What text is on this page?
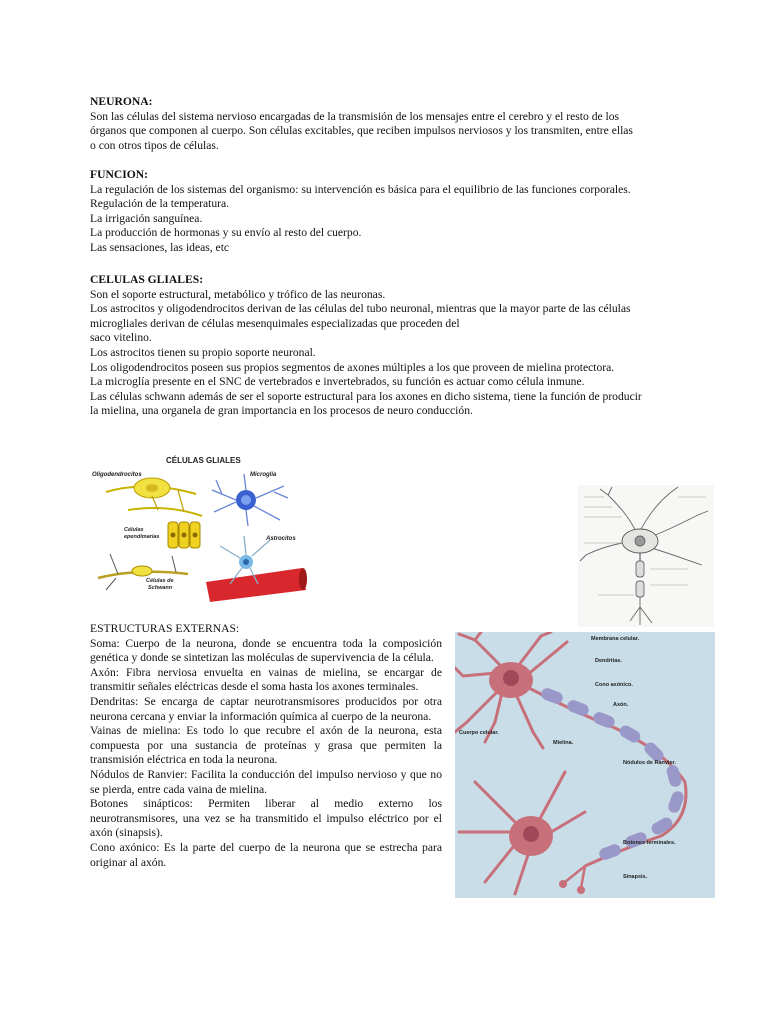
NEURONA:

Son las células del sistema nervioso encargadas de la transmisión de los mensajes entre el cerebro y el resto de los

órganos que componen al cuerpo. Son células excitables, que reciben impulsos nerviosos y los transmiten, entre ellas

o con otros tipos de células.

FUNCION:

La regulación de los sistemas del organismo: su intervención es básica para el equilibrio de las funciones corporales.

Regulación de la temperatura.

La irrigación sanguínea.

La producción de hormonas y su envío al resto del cuerpo.

Las sensaciones, las ideas, etc

CELULAS GLIALES:

Son el soporte estructural, metabólico y trófico de las neuronas.

Los astrocitos y oligodendrocitos derivan de las células del tubo neuronal, mientras que la mayor parte de las células

microgliales derivan de células mesenquimales especializadas que proceden del

saco vitelino.

Los astrocitos tienen su propio soporte neuronal.

Los oligodendrocitos poseen sus propios segmentos de axones múltiples a los que proveen de mielina protectora.

La microglía presente en el SNC de vertebrados e invertebrados, su función es actuar como célula inmune.

Las células schwann además de ser el soporte estructural para los axones en dicho sistema, tiene la función de producir

la mielina, una organela de gran importancia en los procesos de neuro conducción.

CÉLULAS GLIALES
Oligodendrocitos	Microglía
Células
ependimarias	Astrocitos
Células de
Schwann

ESTRUCTURAS EXTERNAS:

Soma: Cuerpo de la neurona, donde se encuentra toda la composición genética y donde se sintetizan las moléculas de supervivencia de la célula.

Axón: Fibra nerviosa envuelta en vainas de mielina, se encargar de transmitir señales eléctricas desde el soma hasta los axones terminales.

Dendritas: Se encarga de captar neurotransmisores producidos por otra neurona cercana y enviar la información química al cuerpo de la neurona.

Vainas de mielina: Es todo lo que recubre el axón de la neurona, esta compuesta por una sustancia de proteínas y grasa que permiten la transmisión eléctrica en toda la neurona.

Nódulos de Ranvier: Facilita la conducción del impulso nervioso y que no se pierda, entre cada vaina de mielina.

Botones sinápticos: Permiten liberar al medio externo los neurotransmisores, una vez se ha transmitido el impulso eléctrico por el axón (sinapsis).

Cono axónico: Es la parte del cuerpo de la neurona que se estrecha para originar al axón.

Membrana celular.
Dendritas.
Cono axónico.
Axón.
Cuerpo celular.
Mielina.
Nódulos de Ranvier.
Botones terminales.
Sinapsis.
